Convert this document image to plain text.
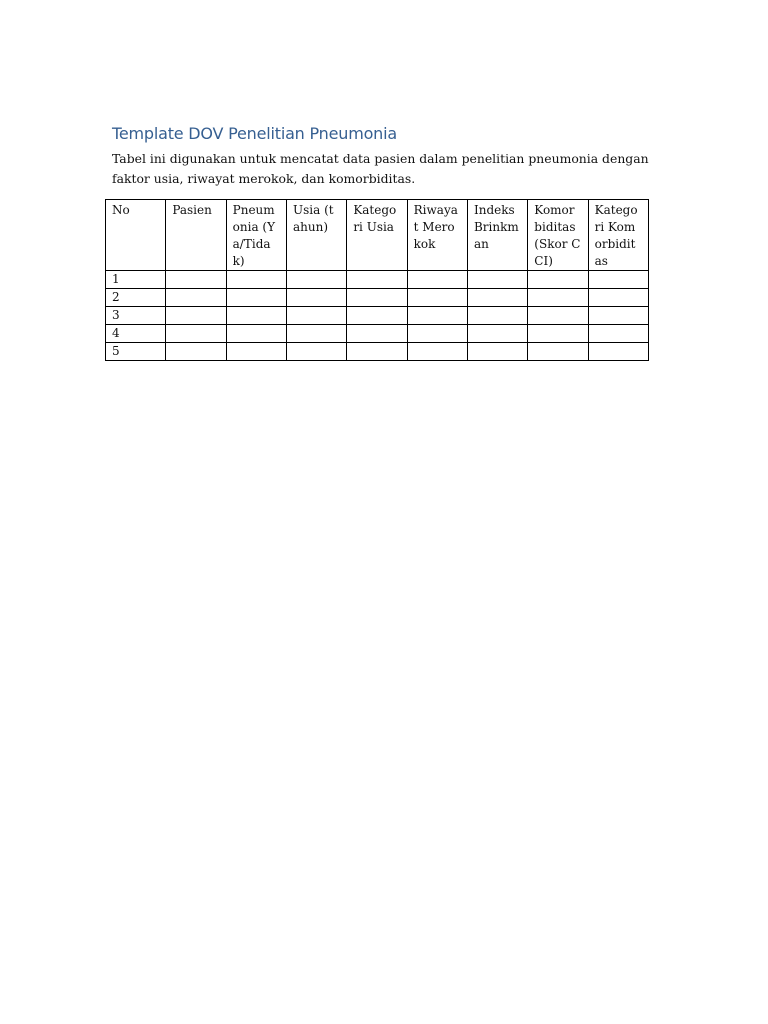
Template DOV Penelitian Pneumonia

Tabel ini digunakan untuk mencatat data pasien dalam penelitian pneumonia dengan faktor usia, riwayat merokok, dan komorbiditas.

No	Pasien	Pneumonia (Ya/Tidak)	Usia (tahun)	Kategori Usia	Riwayat Merokok	Indeks Brinkman	Komorbiditas (Skor CCI)	Kategori Komorbiditas
1								
2								
3								
4								
5								
